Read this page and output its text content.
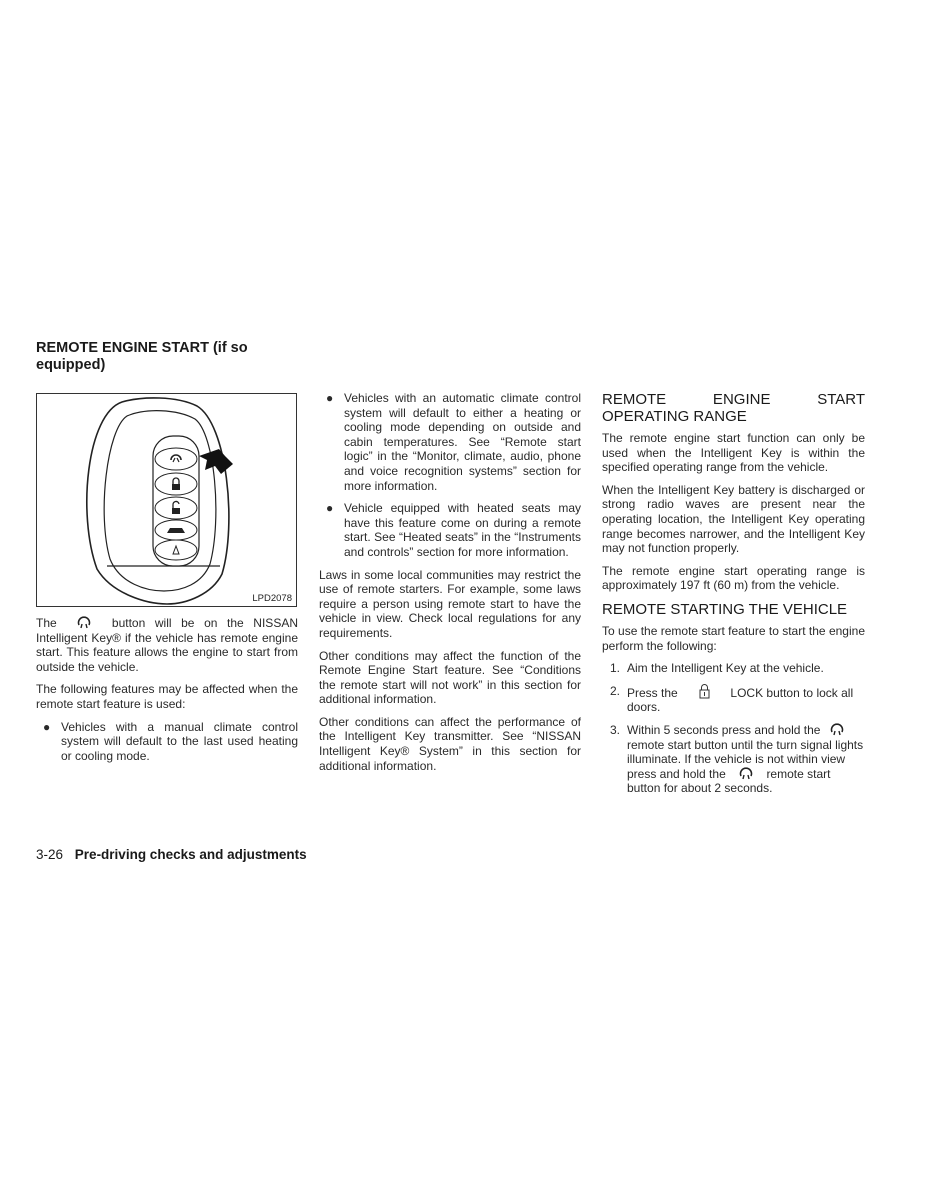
REMOTE ENGINE START (if so equipped)
LPD2078

The	button will be on the NISSAN Intelligent Key® if the vehicle has remote engine start. This feature allows the engine to start from outside the vehicle.

The following features may be affected when the remote start feature is used:

● Vehicles with a manual climate control system will default to the last used heating or cooling mode.
● Vehicles with an automatic climate control system will default to either a heating or cooling mode depending on outside and cabin temperatures. See “Remote start logic” in the “Monitor, climate, audio, phone and voice recognition systems” section for more information.
● Vehicle equipped with heated seats may have this feature come on during a remote start. See “Heated seats” in the “Instruments and controls” section for more information.

Laws in some local communities may restrict the use of remote starters. For example, some laws require a person using remote start to have the vehicle in view. Check local regulations for any requirements.

Other conditions may affect the function of the Remote Engine Start feature. See “Conditions the remote start will not work” in this section for additional information.

Other conditions can affect the performance of the Intelligent Key transmitter. See “NISSAN Intelligent Key® System” in this section for additional information.

REMOTE ENGINE START OPERATING RANGE

The remote engine start function can only be used when the Intelligent Key is within the specified operating range from the vehicle.

When the Intelligent Key battery is discharged or strong radio waves are present near the operating location, the Intelligent Key operating range becomes narrower, and the Intelligent Key may not function properly.

The remote engine start operating range is approximately 197 ft (60 m) from the vehicle.

REMOTE STARTING THE VEHICLE

To use the remote start feature to start the engine perform the following:

1. Aim the Intelligent Key at the vehicle.
2. Press the	LOCK button to lock all doors.
3. Within 5 seconds press and hold the  remote start button until the turn signal lights illuminate. If the vehicle is not within view press and hold the	remote start button for about 2 seconds.
3-26 Pre-driving checks and adjustments
